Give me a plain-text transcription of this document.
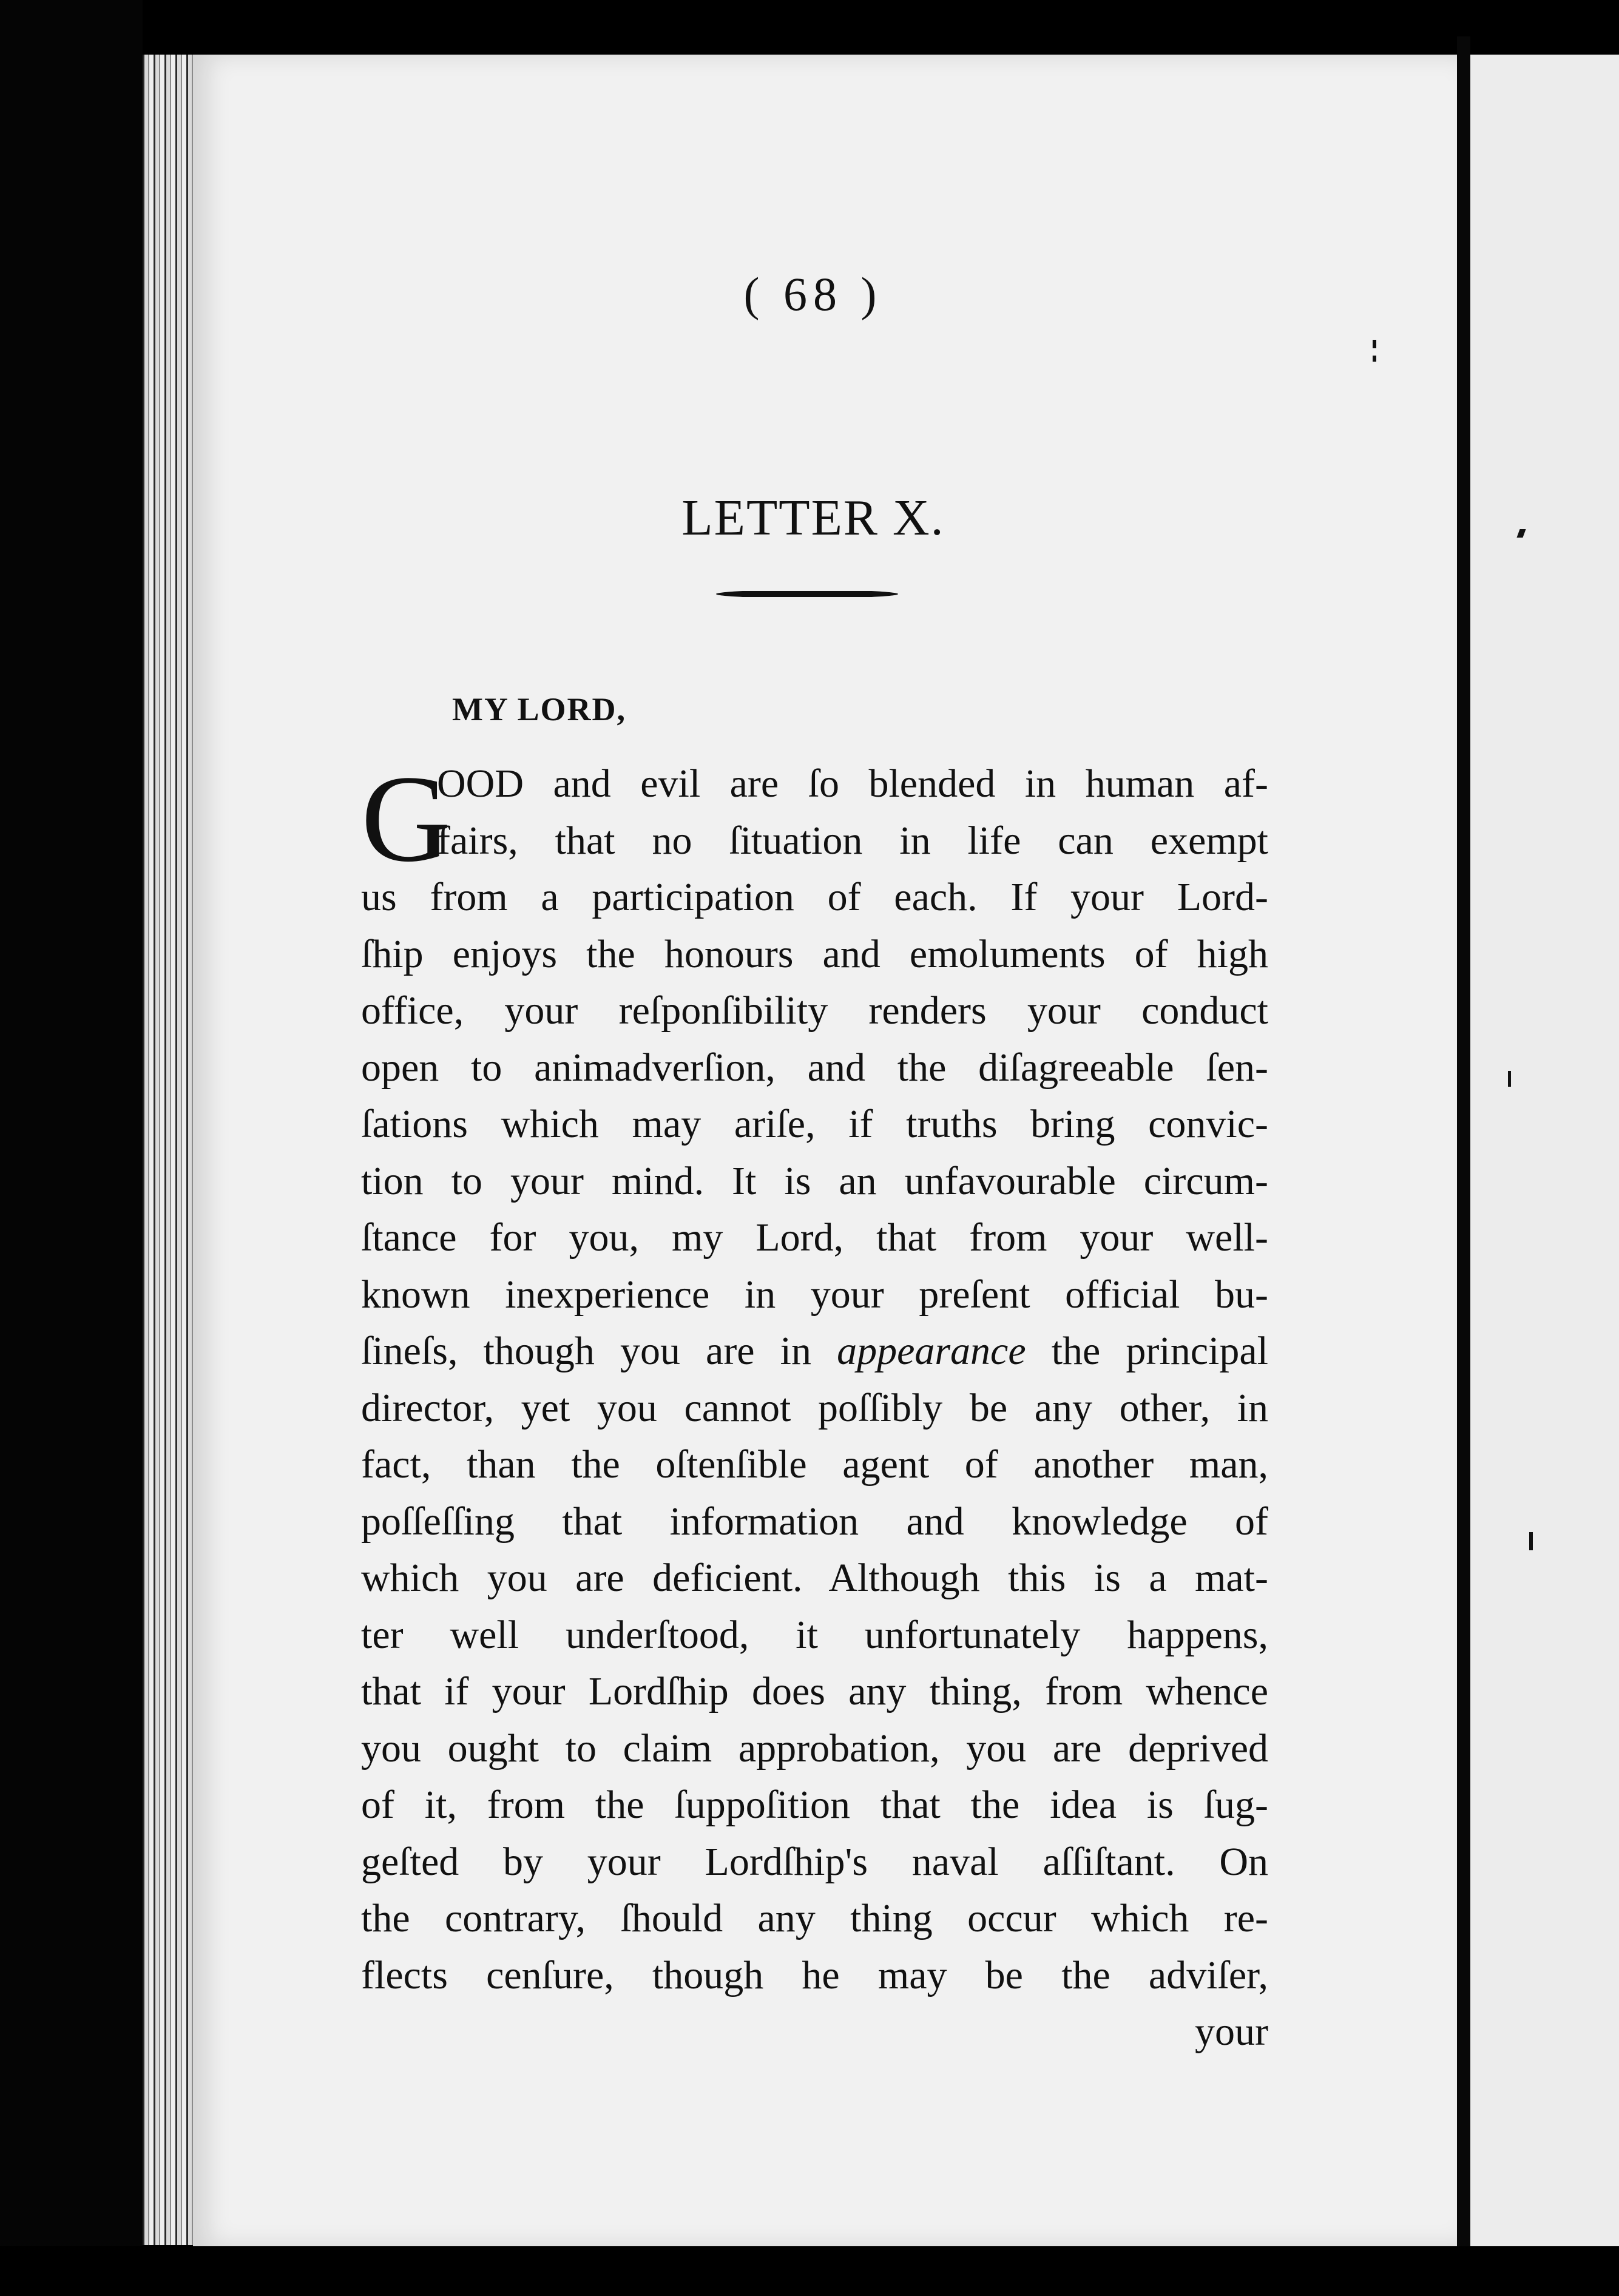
( 68 )
LETTER X.
MY LORD,
G
OOD and evil are ſo blended in human af-
fairs, that no ſituation in life can exempt
us from a participation of each. If your Lord-
ſhip enjoys the honours and emoluments of high
office, your reſponſibility renders your conduct
open to animadverſion, and the diſagreeable ſen-
ſations which may ariſe, if truths bring convic-
tion to your mind. It is an unfavourable circum-
ſtance for you, my Lord, that from your well-
known inexperience in your preſent official bu-
ſineſs, though you are in appearance the principal
director, yet you cannot poſſibly be any other, in
fact, than the oſtenſible agent of another man,
poſſeſſing that information and knowledge of
which you are deficient. Although this is a mat-
ter well underſtood, it unfortunately happens,
that if your Lordſhip does any thing, from whence
you ought to claim approbation, you are deprived
of it, from the ſuppoſition that the idea is ſug-
geſted by your Lordſhip's naval aſſiſtant. On
the contrary, ſhould any thing occur which re-
flects cenſure, though he may be the adviſer,
your
